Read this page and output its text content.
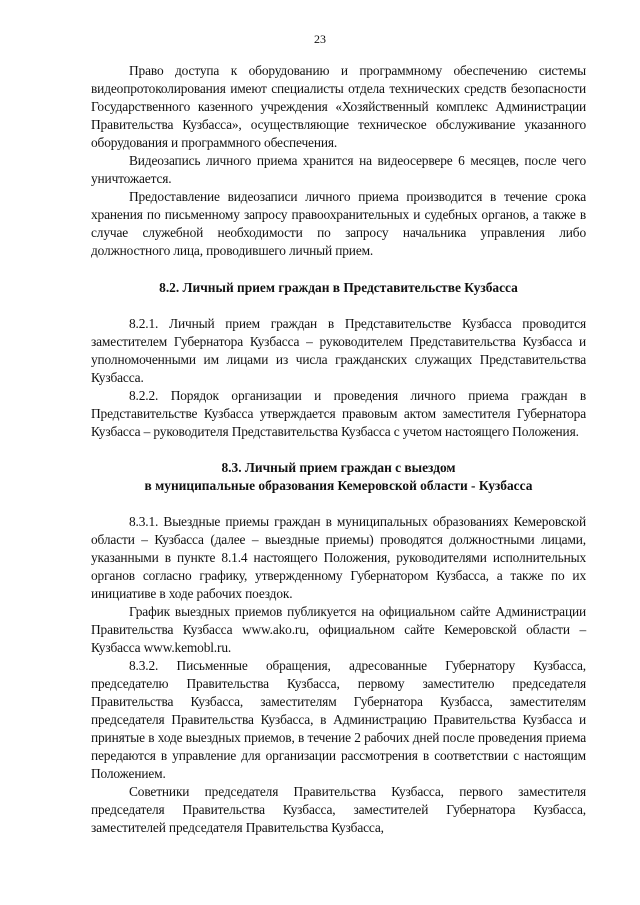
23

Право доступа к оборудованию и программному обеспечению системы видеопротоколирования имеют специалисты отдела технических средств безопасности Государственного казенного учреждения «Хозяйственный комплекс Администрации Правительства Кузбасса», осуществляющие техническое обслуживание указанного оборудования и программного обеспечения.

Видеозапись личного приема хранится на видеосервере 6 месяцев, после чего уничтожается.

Предоставление видеозаписи личного приема производится в течение срока хранения по письменному запросу правоохранительных и судебных органов, а также в случае служебной необходимости по запросу начальника управления либо должностного лица, проводившего личный прием.

8.2. Личный прием граждан в Представительстве Кузбасса

8.2.1. Личный прием граждан в Представительстве Кузбасса проводится заместителем Губернатора Кузбасса – руководителем Представительства Кузбасса и уполномоченными им лицами из числа гражданских служащих Представительства Кузбасса.

8.2.2. Порядок организации и проведения личного приема граждан в Представительстве Кузбасса утверждается правовым актом заместителя Губернатора Кузбасса – руководителя Представительства Кузбасса с учетом настоящего Положения.

8.3. Личный прием граждан с выездом
в муниципальные образования Кемеровской области - Кузбасса

8.3.1. Выездные приемы граждан в муниципальных образованиях Кемеровской области – Кузбасса (далее – выездные приемы) проводятся должностными лицами, указанными в пункте 8.1.4 настоящего Положения, руководителями исполнительных органов согласно графику, утвержденному Губернатором Кузбасса, а также по их инициативе в ходе рабочих поездок.

График выездных приемов публикуется на официальном сайте Администрации Правительства Кузбасса www.ako.ru, официальном сайте Кемеровской области – Кузбасса www.kemobl.ru.

8.3.2. Письменные обращения, адресованные Губернатору Кузбасса, председателю Правительства Кузбасса, первому заместителю председателя Правительства Кузбасса, заместителям Губернатора Кузбасса, заместителям председателя Правительства Кузбасса, в Администрацию Правительства Кузбасса и принятые в ходе выездных приемов, в течение 2 рабочих дней после проведения приема передаются в управление для организации рассмотрения в соответствии с настоящим Положением.

Советники председателя Правительства Кузбасса, первого заместителя председателя Правительства Кузбасса, заместителей Губернатора Кузбасса, заместителей председателя Правительства Кузбасса,
